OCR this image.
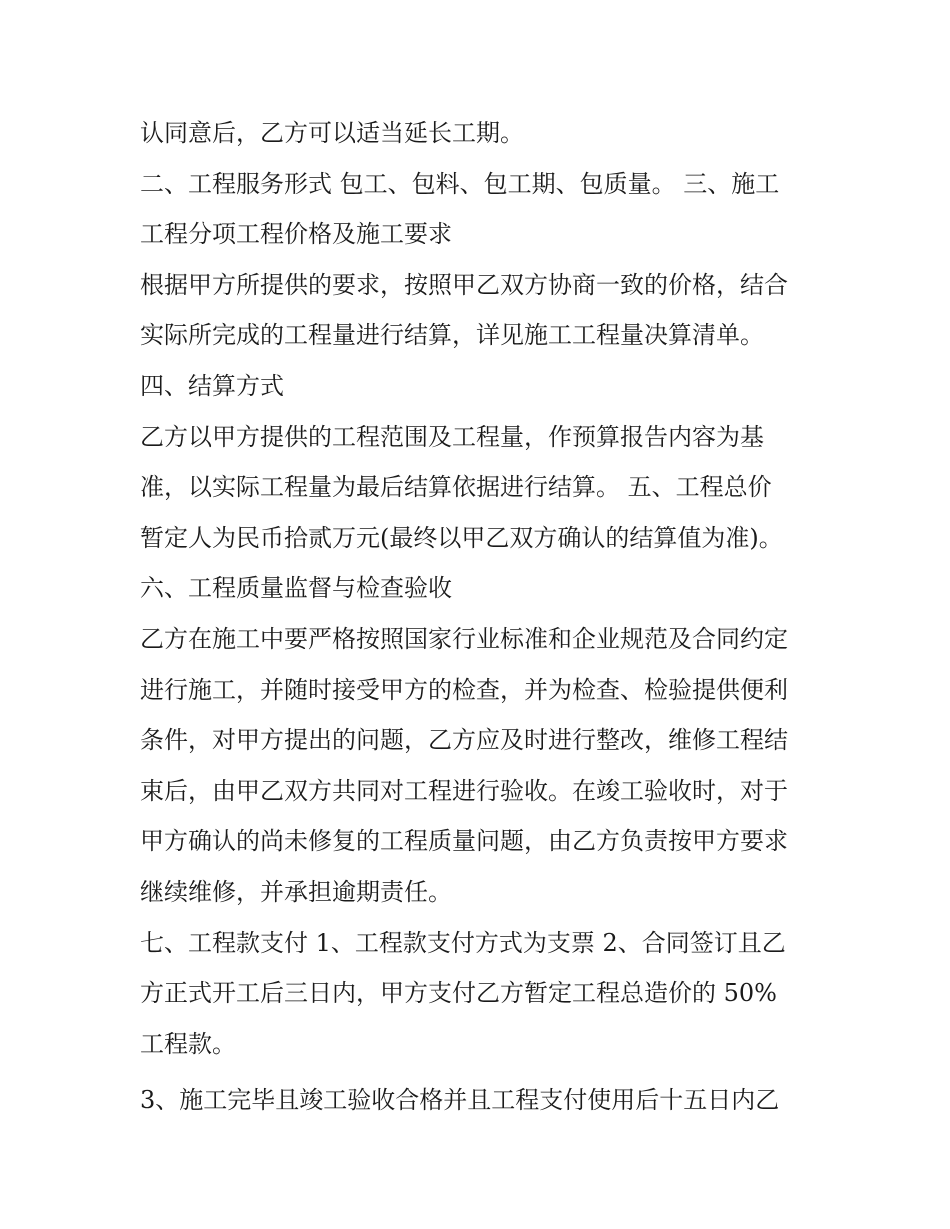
认同意后，乙方可以适当延长工期。
二、工程服务形式 包工、包料、包工期、包质量。 三、施工
工程分项工程价格及施工要求
根据甲方所提供的要求，按照甲乙双方协商一致的价格，结合
实际所完成的工程量进行结算，详见施工工程量决算清单。
四、结算方式
乙方以甲方提供的工程范围及工程量，作预算报告内容为基
准，以实际工程量为最后结算依据进行结算。 五、工程总价
暂定人为民币拾贰万元(最终以甲乙双方确认的结算值为准)。
六、工程质量监督与检查验收
乙方在施工中要严格按照国家行业标准和企业规范及合同约定
进行施工，并随时接受甲方的检查，并为检查、检验提供便利
条件，对甲方提出的问题，乙方应及时进行整改，维修工程结
束后，由甲乙双方共同对工程进行验收。在竣工验收时，对于
甲方确认的尚未修复的工程质量问题，由乙方负责按甲方要求
继续维修，并承担逾期责任。
七、工程款支付 1、工程款支付方式为支票 2、合同签订且乙
方正式开工后三日内，甲方支付乙方暂定工程总造价的 50%
工程款。
3、施工完毕且竣工验收合格并且工程支付使用后十五日内乙
